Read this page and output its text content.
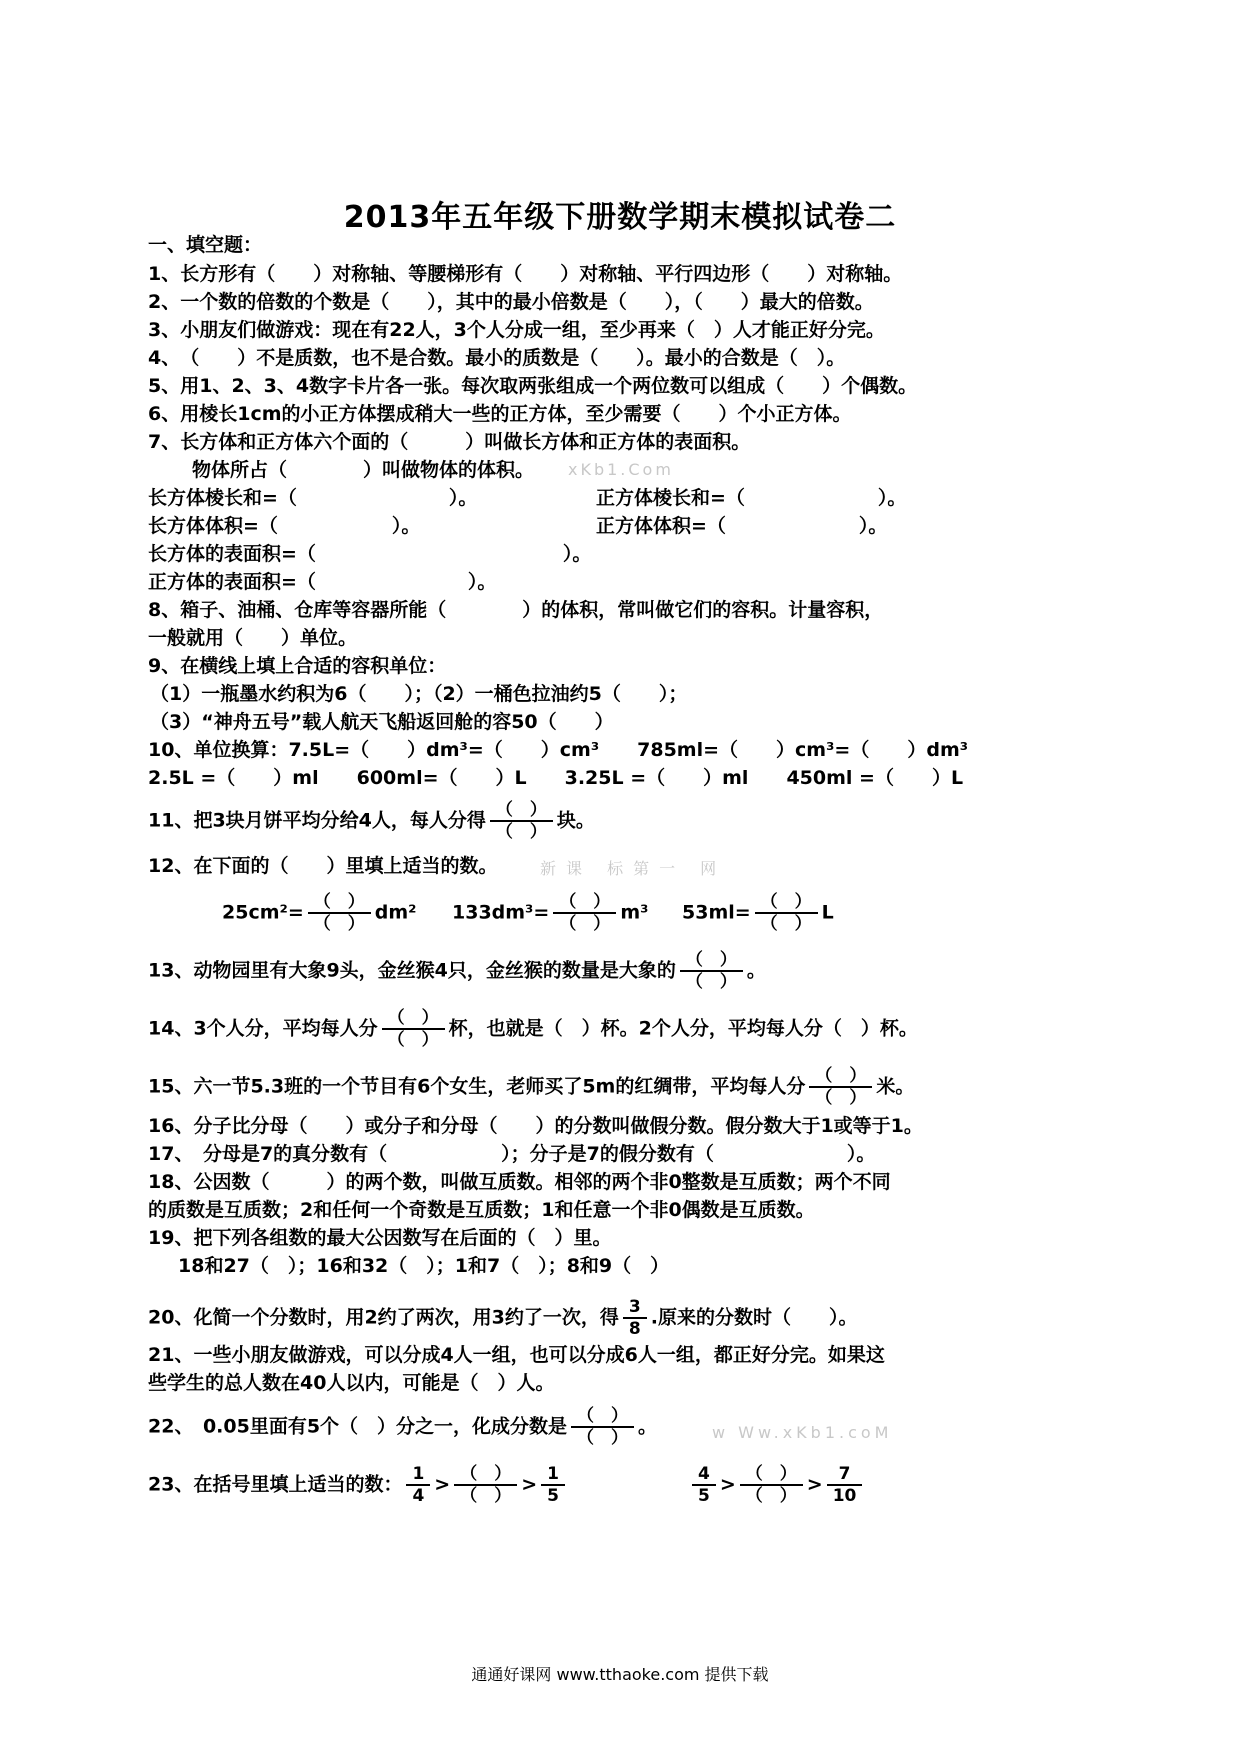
2013年五年级下册数学期末模拟试卷二
一、填空题：
1、长方形有（　　）对称轴、等腰梯形有（　　）对称轴、平行四边形（　　）对称轴。
2、一个数的倍数的个数是（　　），其中的最小倍数是（　　），（　　）最大的倍数。
3、小朋友们做游戏：现在有22人，3个人分成一组，至少再来（　）人才能正好分完。
4、　（　　）不是质数，也不是合数。最小的质数是（　　）。最小的合数是（　）。
5、用1、2、3、4数字卡片各一张。每次取两张组成一个两位数可以组成（　　）个偶数。
6、用棱长1cm的小正方体摆成稍大一些的正方体，至少需要（　　）个小正方体。
7、长方体和正方体六个面的（　　　）叫做长方体和正方体的表面积。
物体所占（　　　　）叫做物体的体积。 xKb1.Com
长方体棱长和=（　　　　　　　　）。	正方体棱长和=（　　　　　　　）。
长方体体积=（　　　　　　）。	正方体体积=（　　　　　　　）。
长方体的表面积=（　　　　　　　　　　　　　）。
正方体的表面积=（　　　　　　　　）。
8、箱子、油桶、仓库等容器所能（　　　　）的体积，常叫做它们的容积。计量容积，
一般就用（　　）单位。
9、在横线上填上合适的容积单位：
（1）一瓶墨水约积为6（　　）；（2）一桶色拉油约5（　　）；
（3）“神舟五号”载人航天飞船返回舱的容50（　　）
10、单位换算：7.5L=（　　）dm³=（　　）cm³　　785ml=（　　）cm³=（　　）dm³
2.5L =（　　）ml　　600ml=（　　）L　　3.25L =（　　）ml　　450ml =（　　）L
11、把3块月饼平均分给4人，每人分得 $\frac{( )}{( )}$ 块。
12、在下面的（　　）里填上适当的数。	新课 标第一 网
$25cm^2= \frac{( )}{( )} dm^2$ $133dm^3= \frac{( )}{( )} m^3$ $53ml= \frac{( )}{( )}$ L
13、动物园里有大象9头，金丝猴4只，金丝猴的数量是大象的 $\frac{( )}{( )}$ 。
14、3个人分，平均每人分 $\frac{( )}{( )}$ 杯，也就是（　）杯。2个人分，平均每人分（　）杯。
15、六一节5.3班的一个节目有6个女生，老师买了5m的红绸带，平均每人分 $\frac{( )}{( )}$ 米。
16、分子比分母（　　）或分子和分母（　　）的分数叫做假分数。假分数大于1或等于1。
17、　分母是7的真分数有（　　　　　　）；分子是7的假分数有（　　　　　　　）。
18、公因数（　　　）的两个数，叫做互质数。相邻的两个非0整数是互质数；两个不同
的质数是互质数；2和任何一个奇数是互质数；1和任意一个非0偶数是互质数。
19、把下列各组数的最大公因数写在后面的（　）里。
18和27（　）；16和32（　）；1和7（　）；8和9（　）
20、化简一个分数时，用2约了两次，用3约了一次，得 $\frac{3}{8}$ .原来的分数时（　　）。
21、一些小朋友做游戏，可以分成4人一组，也可以分成6人一组，都正好分完。如果这
些学生的总人数在40人以内，可能是（　）人。
22、　0.05里面有5个（　）分之一，化成分数是 $\frac{( )}{( )}$ 。	w Ww.xKb1.coM
23、在括号里填上适当的数： $\frac{1}{4} > \frac{( )}{( )} > \frac{1}{5}$	$\frac{4}{5} > \frac{( )}{( )} > \frac{7}{10}$
通通好课网 www.tthaoke.com 提供下载
